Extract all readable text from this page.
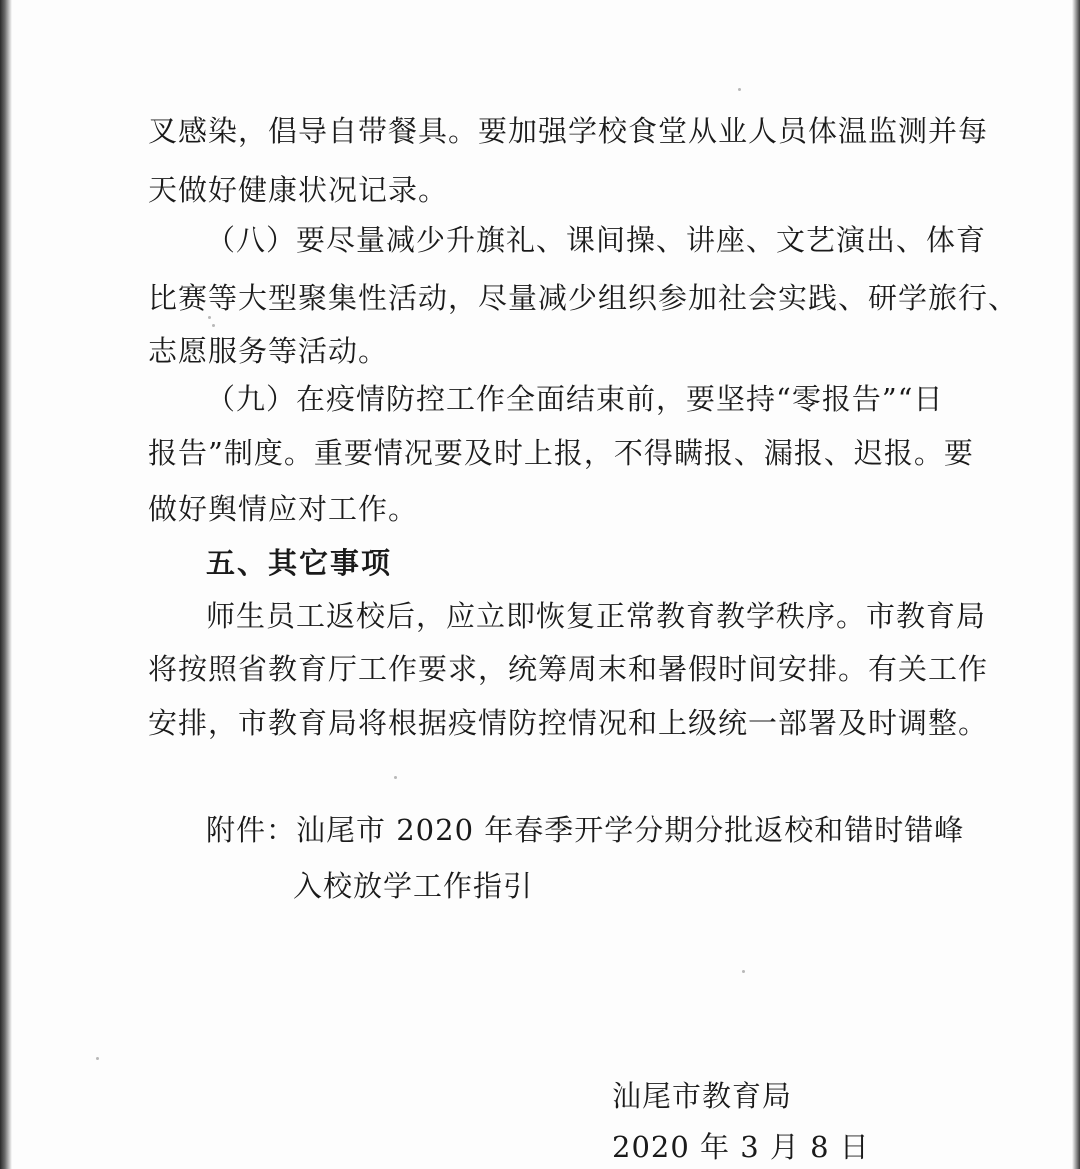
叉感染，倡导自带餐具。要加强学校食堂从业人员体温监测并每
天做好健康状况记录。
（八）要尽量减少升旗礼、课间操、讲座、文艺演出、体育
比赛等大型聚集性活动，尽量减少组织参加社会实践、研学旅行、
志愿服务等活动。
（九）在疫情防控工作全面结束前，要坚持“零报告”“日
报告”制度。重要情况要及时上报，不得瞒报、漏报、迟报。要
做好舆情应对工作。
五、其它事项
师生员工返校后，应立即恢复正常教育教学秩序。市教育局
将按照省教育厅工作要求，统筹周末和暑假时间安排。有关工作
安排，市教育局将根据疫情防控情况和上级统一部署及时调整。
附件：汕尾市 2020 年春季开学分期分批返校和错时错峰
入校放学工作指引
汕尾市教育局
2020 年 3 月 8 日
